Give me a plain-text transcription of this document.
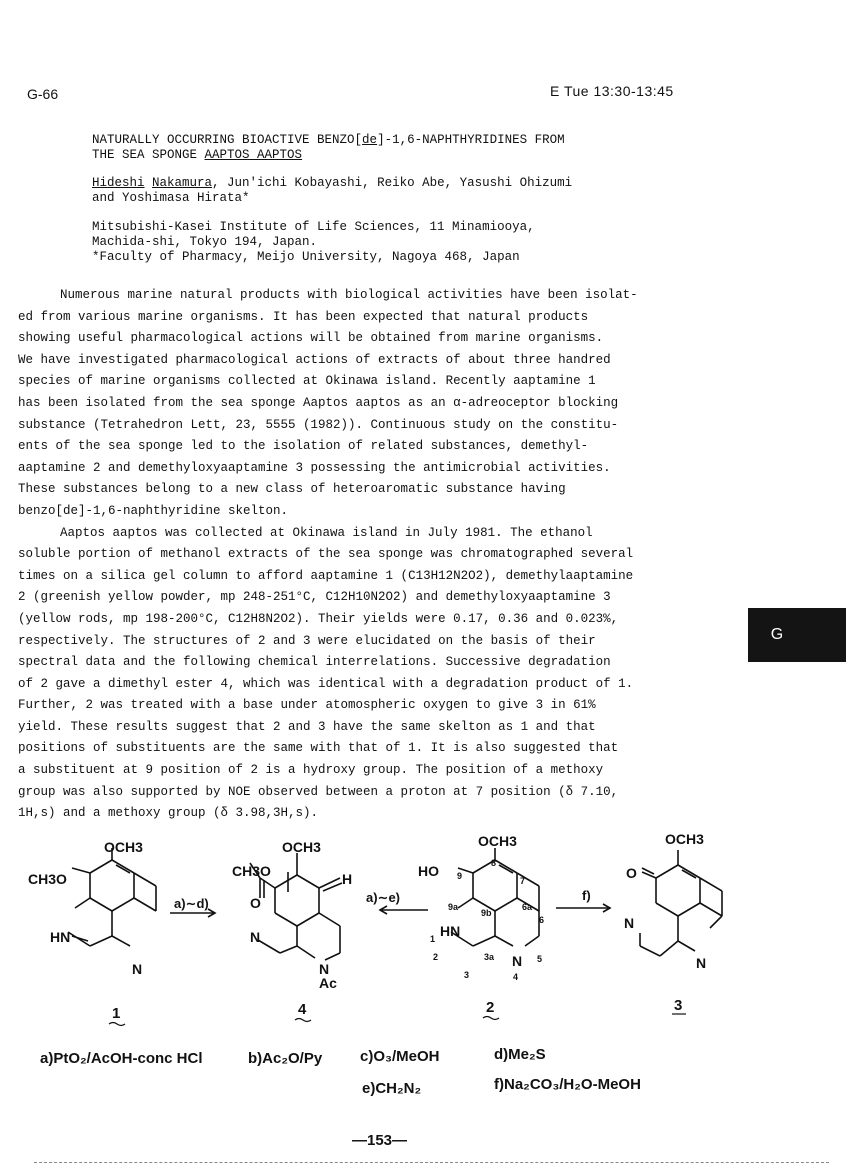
G-66	E Tue 13:30-13:45
NATURALLY OCCURRING BIOACTIVE BENZO[de]-1,6-NAPHTHYRIDINES FROM
THE SEA SPONGE AAPTOS AAPTOS
Hideshi Nakamura, Jun'ichi Kobayashi, Reiko Abe, Yasushi Ohizumi
and Yoshimasa Hirata*
Mitsubishi-Kasei Institute of Life Sciences, 11 Minamiooya,
Machida-shi, Tokyo 194, Japan.
*Faculty of Pharmacy, Meijo University, Nagoya 468, Japan
Numerous marine natural products with biological activities have been isolat-
ed from various marine organisms. It has been expected that natural products
showing useful pharmacological actions will be obtained from marine organisms.
We have investigated pharmacological actions of extracts of about three handred
species of marine organisms collected at Okinawa island. Recently aaptamine 1
has been isolated from the sea sponge Aaptos aaptos as an α-adreoceptor blocking
substance (Tetrahedron Lett, 23, 5555 (1982)). Continuous study on the constitu-
ents of the sea sponge led to the isolation of related substances, demethyl-
aaptamine 2 and demethyloxyaaptamine 3 possessing the antimicrobial activities.
These substances belong to a new class of heteroaromatic substance having
benzo[de]-1,6-naphthyridine skelton.
Aaptos aaptos was collected at Okinawa island in July 1981. The ethanol
soluble portion of methanol extracts of the sea sponge was chromatographed several
times on a silica gel column to afford aaptamine 1 (C13H12N2O2), demethylaaptamine
2 (greenish yellow powder, mp 248-251°C, C12H10N2O2) and demethyloxyaaptamine 3
(yellow rods, mp 198-200°C, C12H8N2O2). Their yields were 0.17, 0.36 and 0.023%,
respectively. The structures of 2 and 3 were elucidated on the basis of their
spectral data and the following chemical interrelations. Successive degradation
of 2 gave a dimethyl ester 4, which was identical with a degradation product of 1.
Further, 2 was treated with a base under atomospheric oxygen to give 3 in 61%
yield. These results suggest that 2 and 3 have the same skelton as 1 and that
positions of substituents are the same with that of 1. It is also suggested that
a substituent at 9 position of 2 is a hydroxy group. The position of a methoxy
group was also supported by NOE observed between a proton at 7 position (δ 7.10,
1H,s) and a methoxy group (δ 3.98,3H,s).
G
OCH3
CH3O
HN
N
a)∼d)
OCH3
CH3O	H
O
N
N
Ac
a)∼e)
OCH3
HO
HN
N
f)
OCH3
O
N
N
9
8
7
9a
9b
6a
6
1
2
3
3a
4
5
1	4	2	3
a)PtO₂/AcOH-conc HCl	b)Ac₂O/Py	c)O₃/MeOH	d)Me₂S
e)CH₂N₂	f)Na₂CO₃/H₂O-MeOH
—153—
